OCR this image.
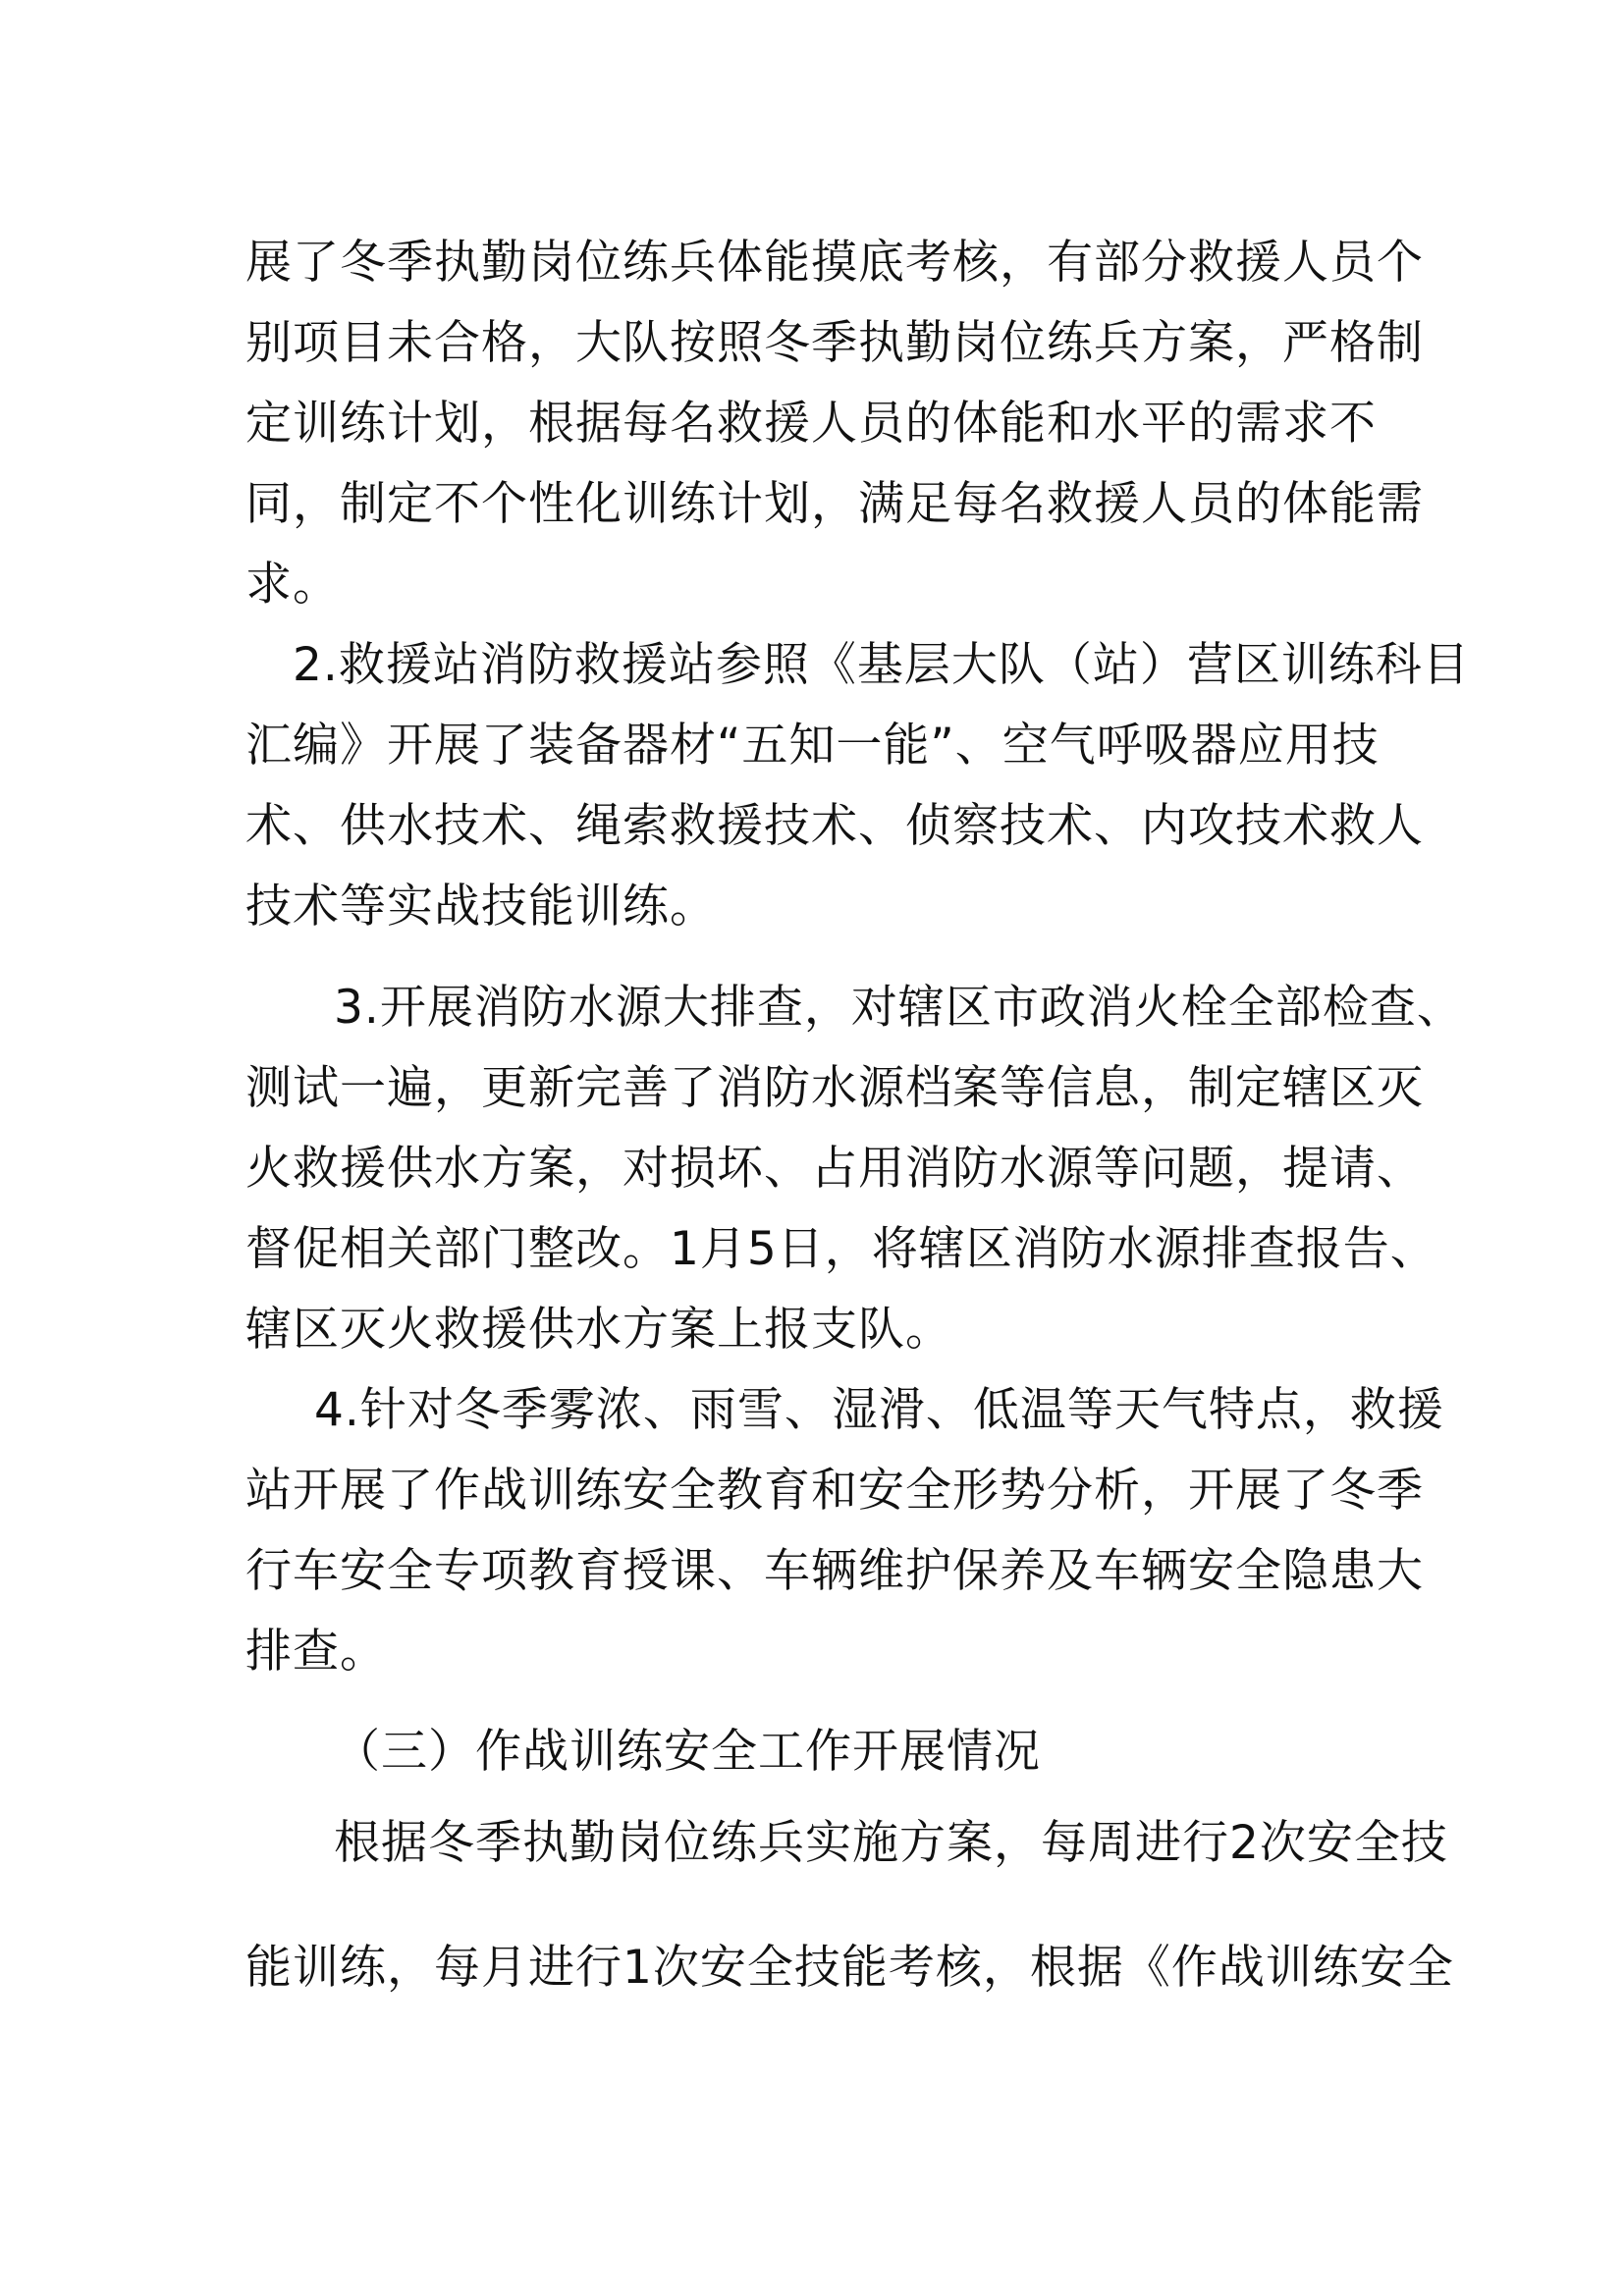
展了冬季执勤岗位练兵体能摸底考核，有部分救援人员个
别项目未合格，大队按照冬季执勤岗位练兵方案，严格制
定训练计划，根据每名救援人员的体能和水平的需求不
同，制定不个性化训练计划，满足每名救援人员的体能需
求。
2.救援站消防救援站参照《基层大队（站）营区训练科目
汇编》开展了装备器材“五知一能”、空气呼吸器应用技
术、供水技术、绳索救援技术、侦察技术、内攻技术救人
技术等实战技能训练。
3.开展消防水源大排查，对辖区市政消火栓全部检查、
测试一遍，更新完善了消防水源档案等信息，制定辖区灭
火救援供水方案，对损坏、占用消防水源等问题，提请、
督促相关部门整改。1月5日，将辖区消防水源排查报告、
辖区灭火救援供水方案上报支队。
4.针对冬季雾浓、雨雪、湿滑、低温等天气特点，救援
站开展了作战训练安全教育和安全形势分析，开展了冬季
行车安全专项教育授课、车辆维护保养及车辆安全隐患大
排查。
（三）作战训练安全工作开展情况
根据冬季执勤岗位练兵实施方案，每周进行2次安全技
能训练，每月进行1次安全技能考核，根据《作战训练安全
